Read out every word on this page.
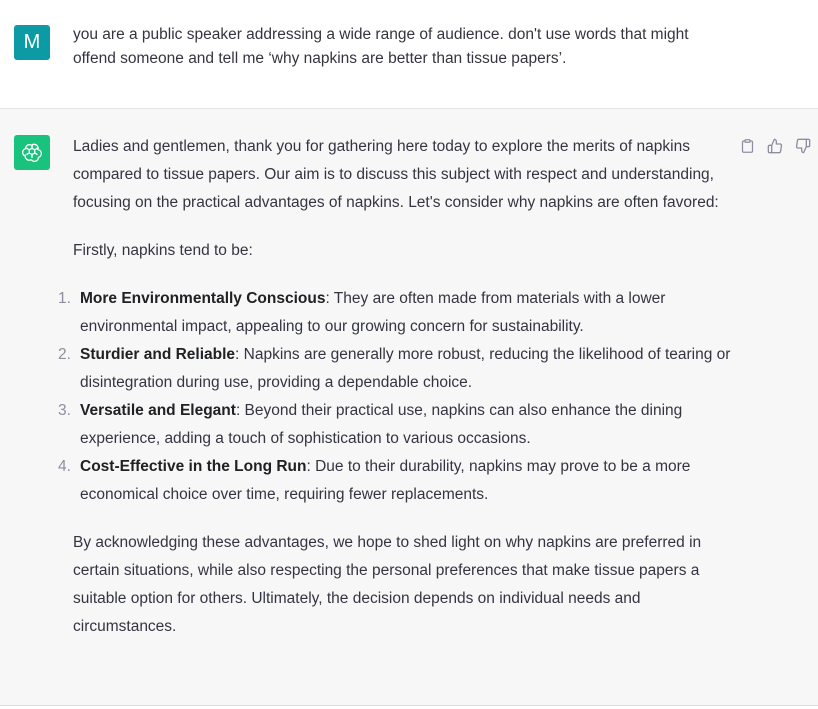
M	you are a public speaker addressing a wide range of audience. don't use words that might offend someone and tell me ‘why napkins are better than tissue papers’.

Ladies and gentlemen, thank you for gathering here today to explore the merits of napkins compared to tissue papers. Our aim is to discuss this subject with respect and understanding, focusing on the practical advantages of napkins. Let's consider why napkins are often favored:

Firstly, napkins tend to be:

1. More Environmentally Conscious: They are often made from materials with a lower environmental impact, appealing to our growing concern for sustainability.
2. Sturdier and Reliable: Napkins are generally more robust, reducing the likelihood of tearing or disintegration during use, providing a dependable choice.
3. Versatile and Elegant: Beyond their practical use, napkins can also enhance the dining experience, adding a touch of sophistication to various occasions.
4. Cost-Effective in the Long Run: Due to their durability, napkins may prove to be a more economical choice over time, requiring fewer replacements.

By acknowledging these advantages, we hope to shed light on why napkins are preferred in certain situations, while also respecting the personal preferences that make tissue papers a suitable option for others. Ultimately, the decision depends on individual needs and circumstances.
